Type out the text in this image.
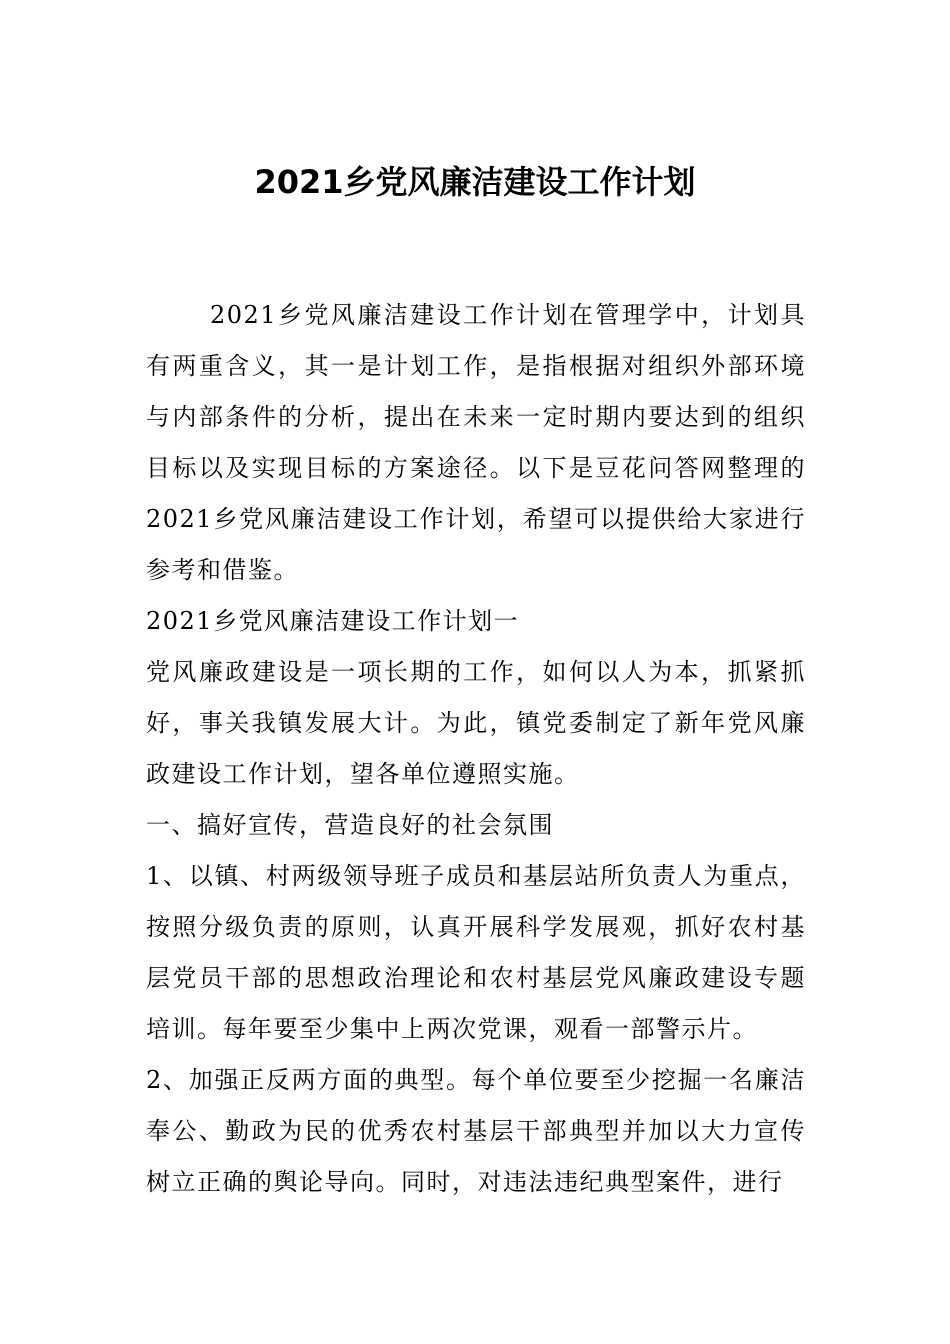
2021乡党风廉洁建设工作计划

2021乡党风廉洁建设工作计划在管理学中，计划具有两重含义，其一是计划工作，是指根据对组织外部环境与内部条件的分析，提出在未来一定时期内要达到的组织目标以及实现目标的方案途径。以下是豆花问答网整理的2021乡党风廉洁建设工作计划，希望可以提供给大家进行参考和借鉴。

2021乡党风廉洁建设工作计划一

党风廉政建设是一项长期的工作，如何以人为本，抓紧抓好，事关我镇发展大计。为此，镇党委制定了新年党风廉政建设工作计划，望各单位遵照实施。

一、搞好宣传，营造良好的社会氛围

1、以镇、村两级领导班子成员和基层站所负责人为重点，按照分级负责的原则，认真开展科学发展观，抓好农村基层党员干部的思想政治理论和农村基层党风廉政建设专题培训。每年要至少集中上两次党课，观看一部警示片。

2、加强正反两方面的典型。每个单位要至少挖掘一名廉洁奉公、勤政为民的优秀农村基层干部典型并加以大力宣传树立正确的舆论导向。同时，对违法违纪典型案件，进行
